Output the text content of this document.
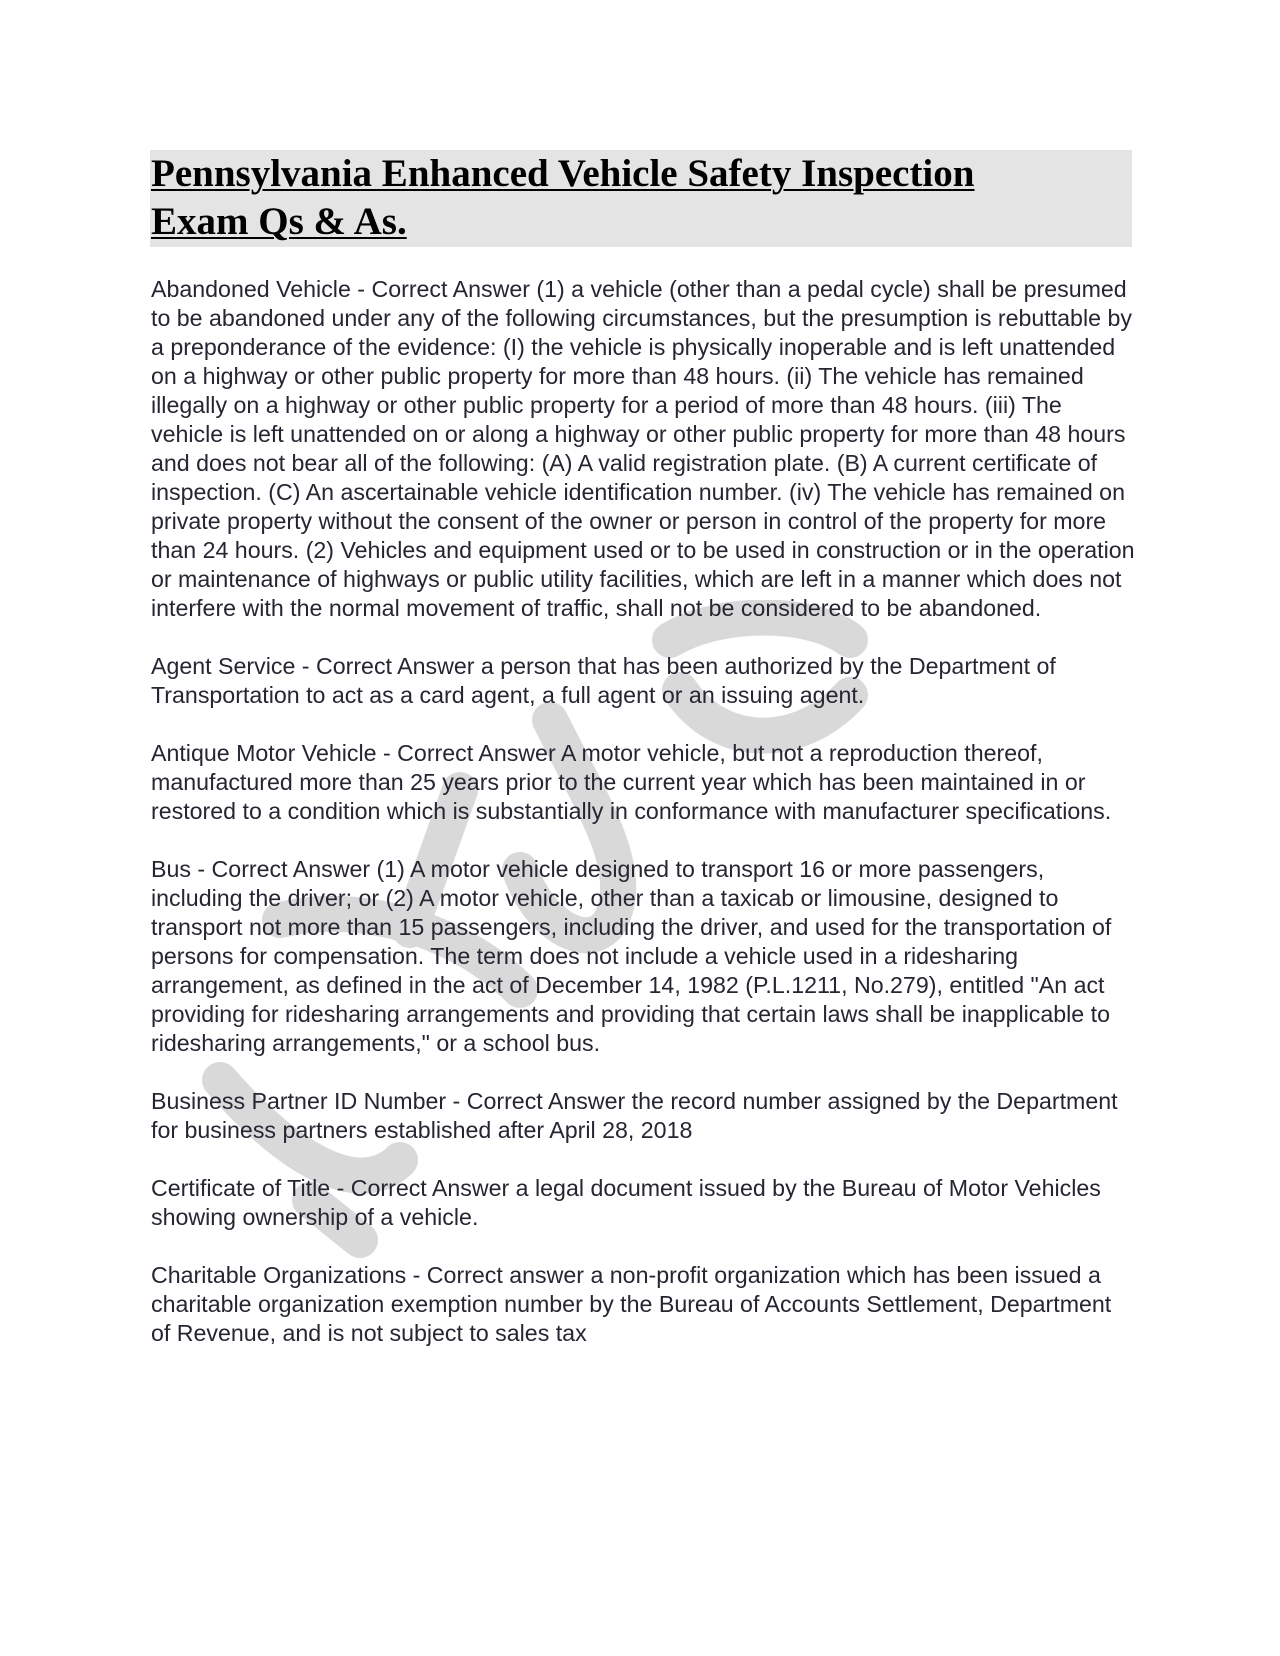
Pennsylvania Enhanced Vehicle Safety Inspection
Exam Qs & As.

Abandoned Vehicle - Correct Answer (1) a vehicle (other than a pedal cycle) shall be presumed to be abandoned under any of the following circumstances, but the presumption is rebuttable by a preponderance of the evidence: (I) the vehicle is physically inoperable and is left unattended on a highway or other public property for more than 48 hours. (ii) The vehicle has remained illegally on a highway or other public property for a period of more than 48 hours. (iii) The vehicle is left unattended on or along a highway or other public property for more than 48 hours and does not bear all of the following: (A) A valid registration plate. (B) A current certificate of inspection. (C) An ascertainable vehicle identification number. (iv) The vehicle has remained on private property without the consent of the owner or person in control of the property for more than 24 hours. (2) Vehicles and equipment used or to be used in construction or in the operation or maintenance of highways or public utility facilities, which are left in a manner which does not interfere with the normal movement of traffic, shall not be considered to be abandoned.

Agent Service - Correct Answer a person that has been authorized by the Department of Transportation to act as a card agent, a full agent or an issuing agent.

Antique Motor Vehicle - Correct Answer A motor vehicle, but not a reproduction thereof, manufactured more than 25 years prior to the current year which has been maintained in or restored to a condition which is substantially in conformance with manufacturer specifications.

Bus - Correct Answer (1) A motor vehicle designed to transport 16 or more passengers, including the driver; or (2) A motor vehicle, other than a taxicab or limousine, designed to transport not more than 15 passengers, including the driver, and used for the transportation of persons for compensation. The term does not include a vehicle used in a ridesharing arrangement, as defined in the act of December 14, 1982 (P.L.1211, No.279), entitled "An act providing for ridesharing arrangements and providing that certain laws shall be inapplicable to ridesharing arrangements," or a school bus.

Business Partner ID Number - Correct Answer the record number assigned by the Department for business partners established after April 28, 2018

Certificate of Title - Correct Answer a legal document issued by the Bureau of Motor Vehicles showing ownership of a vehicle.

Charitable Organizations - Correct answer a non-profit organization which has been issued a charitable organization exemption number by the Bureau of Accounts Settlement, Department of Revenue, and is not subject to sales tax
